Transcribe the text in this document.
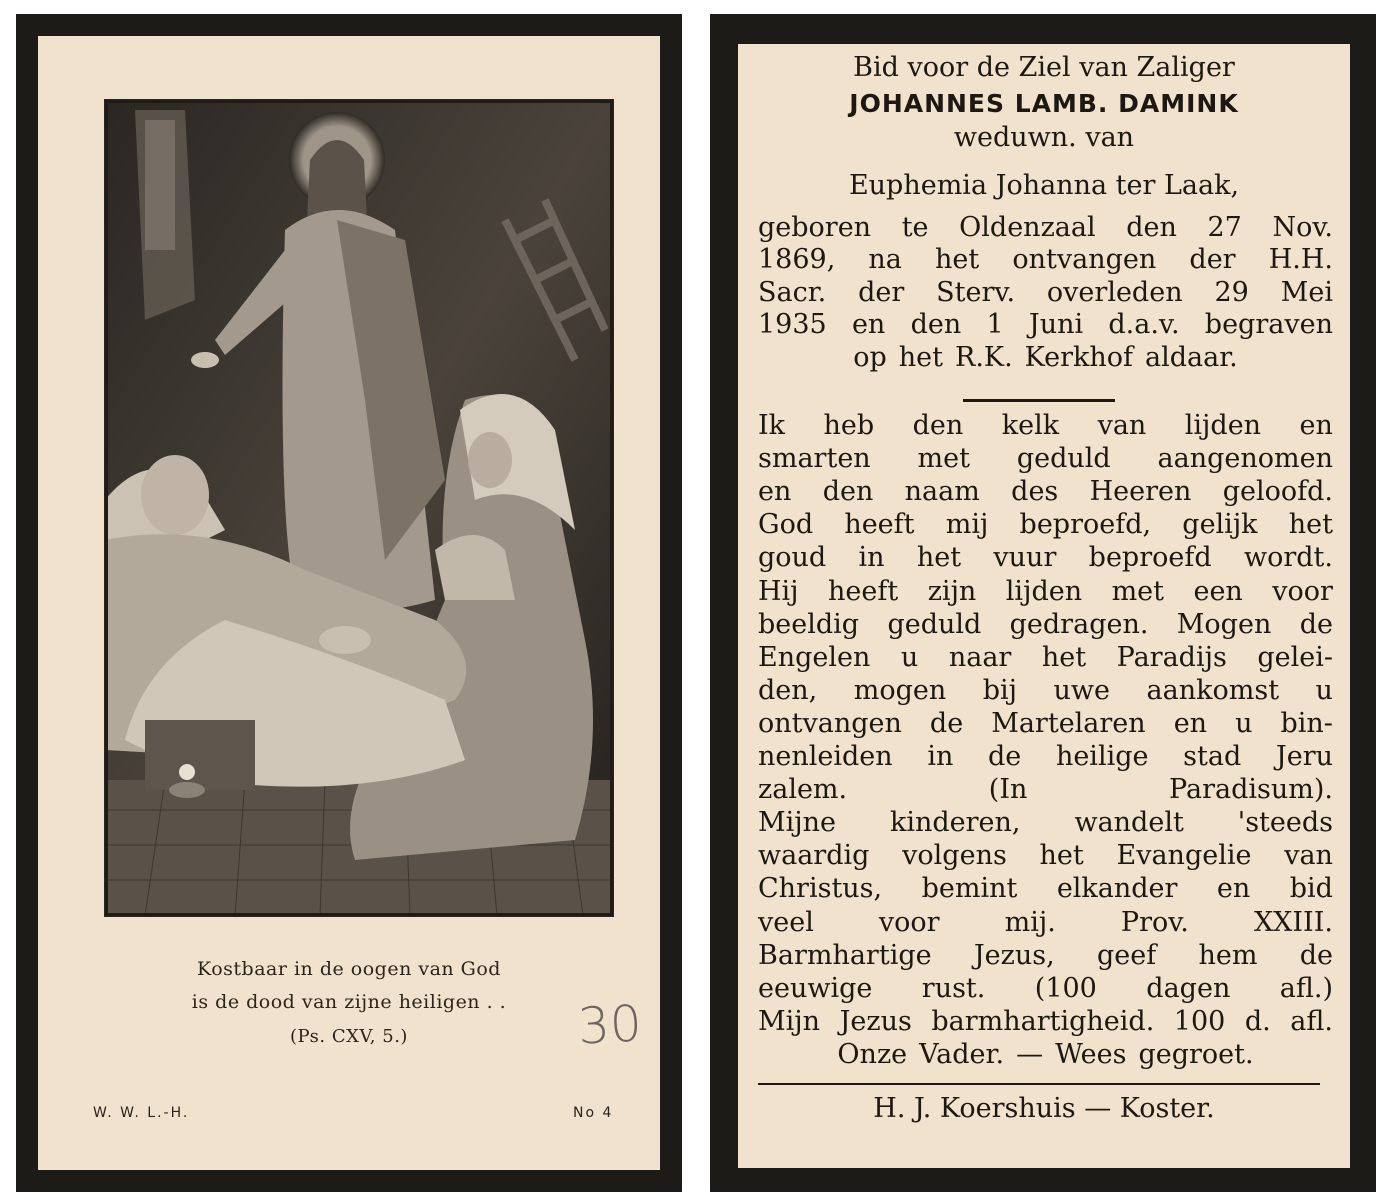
Kostbaar in de oogen van God
is de dood van zijne heiligen . .
(Ps. CXV, 5.)	30
W. W. L.-H.	No 4
Bid voor de Ziel van Zaliger
JOHANNES LAMB. DAMINK
weduwn. van
Euphemia Johanna ter Laak,
geboren te Oldenzaal den 27 Nov.
1869, na het ontvangen der H.H.
Sacr. der Sterv. overleden 29 Mei
1935 en den 1 Juni d.a.v. begraven
op het R.K. Kerkhof aldaar.
Ik heb den kelk van lijden en
smarten met geduld aangenomen
en den naam des Heeren geloofd.
God heeft mij beproefd, gelijk het
goud in het vuur beproefd wordt.
Hij heeft zijn lijden met een voor
beeldig geduld gedragen. Mogen de
Engelen u naar het Paradijs gelei-
den, mogen bij uwe aankomst u
ontvangen de Martelaren en u bin-
nenleiden in de heilige stad Jeru
zalem.	(In	Paradisum).
Mijne kinderen, wandelt 'steeds
waardig volgens het Evangelie van
Christus, bemint elkander en bid
veel voor mij. Prov. XXIII.
Barmhartige Jezus, geef hem de
eeuwige rust. (100 dagen afl.)
Mijn Jezus barmhartigheid. 100 d. afl.
Onze Vader. — Wees gegroet.
H. J. Koershuis — Koster.
